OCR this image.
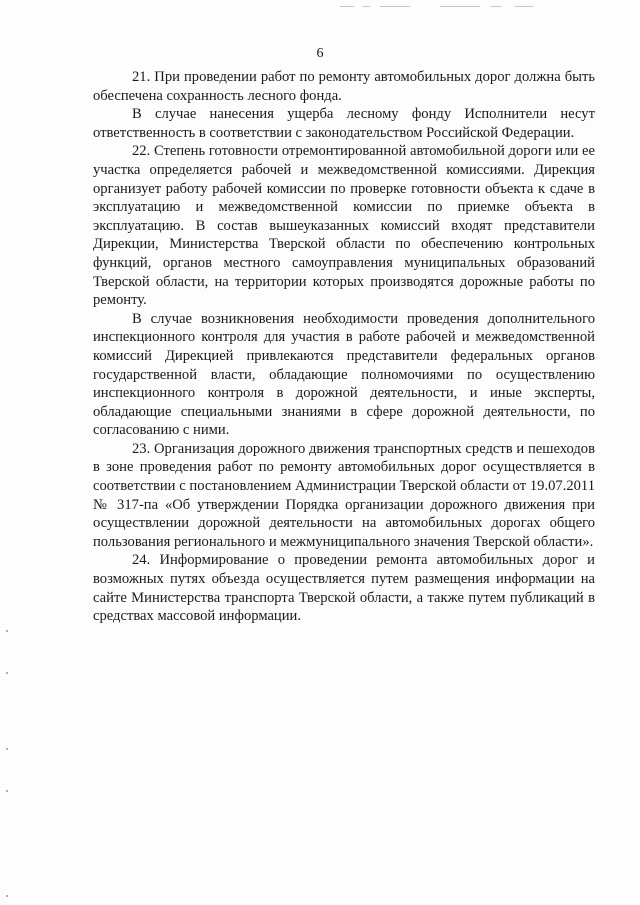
6

21. При проведении работ по ремонту автомобильных дорог должна быть обеспечена сохранность лесного фонда.

В случае нанесения ущерба лесному фонду Исполнители несут ответственность в соответствии с законодательством Российской Федерации.

22. Степень готовности отремонтированной автомобильной дороги или ее участка определяется рабочей и межведомственной комиссиями. Дирекция организует работу рабочей комиссии по проверке готовности объекта к сдаче в эксплуатацию и межведомственной комиссии по приемке объекта в эксплуатацию. В состав вышеуказанных комиссий входят представители Дирекции, Министерства Тверской области по обеспечению контрольных функций, органов местного самоуправления муниципальных образований Тверской области, на территории которых производятся дорожные работы по ремонту.

В случае возникновения необходимости проведения дополнительного инспекционного контроля для участия в работе рабочей и межведомственной комиссий Дирекцией привлекаются представители федеральных органов государственной власти, обладающие полномочиями по осуществлению инспекционного контроля в дорожной деятельности, и иные эксперты, обладающие специальными знаниями в сфере дорожной деятельности, по согласованию с ними.

23. Организация дорожного движения транспортных средств и пешеходов в зоне проведения работ по ремонту автомобильных дорог осуществляется в соответствии с постановлением Администрации Тверской области от 19.07.2011 № 317-па «Об утверждении Порядка организации дорожного движения при осуществлении дорожной деятельности на автомобильных дорогах общего пользования регионального и межмуниципального значения Тверской области».

24. Информирование о проведении ремонта автомобильных дорог и возможных путях объезда осуществляется путем размещения информации на сайте Министерства транспорта Тверской области, а также путем публикаций в средствах массовой информации.
